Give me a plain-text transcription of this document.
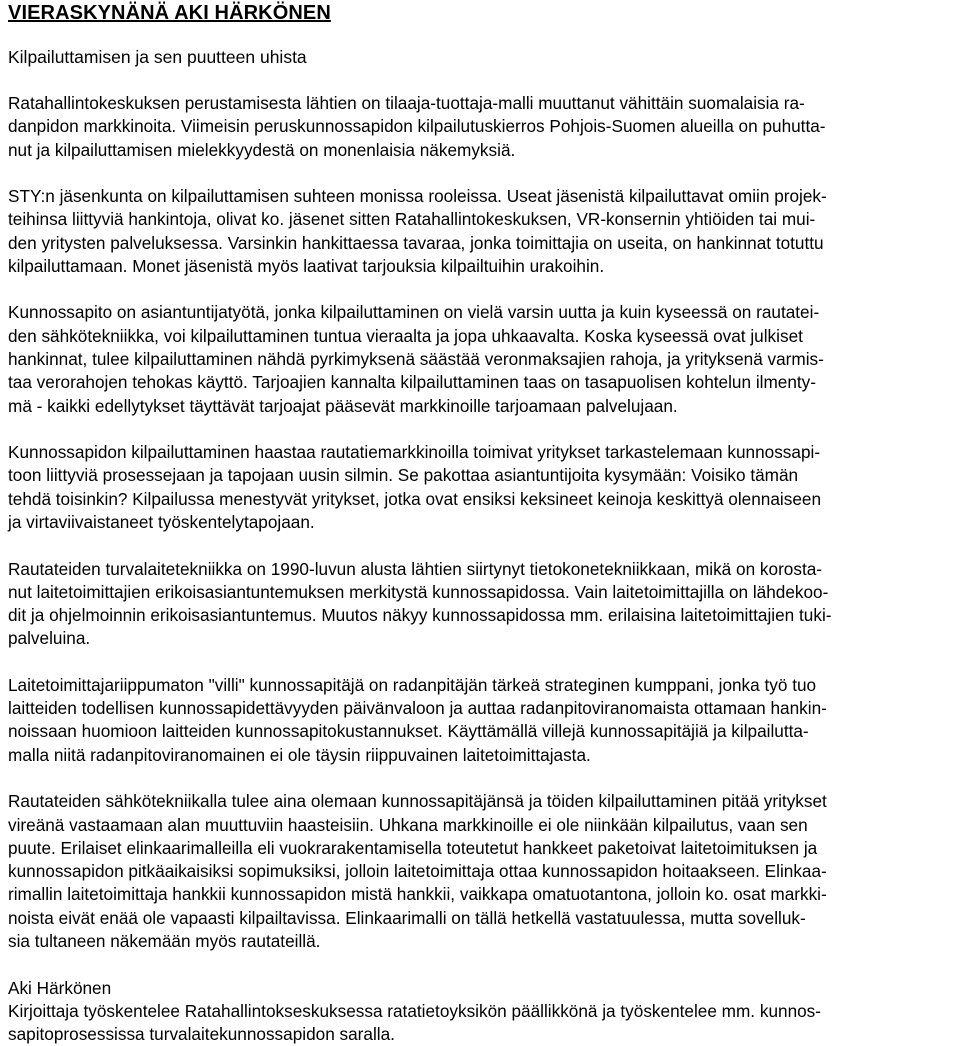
VIERASKYNÄNÄ AKI HÄRKÖNEN
Kilpailuttamisen ja sen puutteen uhista

Ratahallintokeskuksen perustamisesta lähtien on tilaaja-tuottaja-malli muuttanut vähittäin suomalaisia ra-
danpidon markkinoita. Viimeisin peruskunnossapidon kilpailutuskierros Pohjois-Suomen alueilla on puhutta-
nut ja kilpailuttamisen mielekkyydestä on monenlaisia näkemyksiä.

STY:n jäsenkunta on kilpailuttamisen suhteen monissa rooleissa. Useat jäsenistä kilpailuttavat omiin projek-
teihinsa liittyviä hankintoja, olivat ko. jäsenet sitten Ratahallintokeskuksen, VR-konsernin yhtiöiden tai mui-
den yritysten palveluksessa. Varsinkin hankittaessa tavaraa, jonka toimittajia on useita, on hankinnat totuttu
kilpailuttamaan. Monet jäsenistä myös laativat tarjouksia kilpailtuihin urakoihin.

Kunnossapito on asiantuntijatyötä, jonka kilpailuttaminen on vielä varsin uutta ja kuin kyseessä on rautatei-
den sähkötekniikka, voi kilpailuttaminen tuntua vieraalta ja jopa uhkaavalta. Koska kyseessä ovat julkiset
hankinnat, tulee kilpailuttaminen nähdä pyrkimyksenä säästää veronmaksajien rahoja, ja yrityksenä varmis-
taa verorahojen tehokas käyttö. Tarjoajien kannalta kilpailuttaminen taas on tasapuolisen kohtelun ilmenty-
mä - kaikki edellytykset täyttävät tarjoajat pääsevät markkinoille tarjoamaan palvelujaan.

Kunnossapidon kilpailuttaminen haastaa rautatiemarkkinoilla toimivat yritykset tarkastelemaan kunnossapi-
toon liittyviä prosessejaan ja tapojaan uusin silmin. Se pakottaa asiantuntijoita kysymään: Voisiko tämän
tehdä toisinkin? Kilpailussa menestyvät yritykset, jotka ovat ensiksi keksineet keinoja keskittyä olennaiseen
ja virtaviivaistaneet työskentelytapojaan.

Rautateiden turvalaitetekniikka on 1990-luvun alusta lähtien siirtynyt tietokonetekniikkaan, mikä on korosta-
nut laitetoimittajien erikoisasiantuntemuksen merkitystä kunnossapidossa. Vain laitetoimittajilla on lähdekoo-
dit ja ohjelmoinnin erikoisasiantuntemus. Muutos näkyy kunnossapidossa mm. erilaisina laitetoimittajien tuki-
palveluina.

Laitetoimittajariippumaton "villi" kunnossapitäjä on radanpitäjän tärkeä strateginen kumppani, jonka työ tuo
laitteiden todellisen kunnossapidettävyyden päivänvaloon ja auttaa radanpitoviranomaista ottamaan hankin-
noissaan huomioon laitteiden kunnossapitokustannukset. Käyttämällä villejä kunnossapitäjiä ja kilpailutta-
malla niitä radanpitoviranomainen ei ole täysin riippuvainen laitetoimittajasta.

Rautateiden sähkötekniikalla tulee aina olemaan kunnossapitäjänsä ja töiden kilpailuttaminen pitää yritykset
vireänä vastaamaan alan muuttuviin haasteisiin. Uhkana markkinoille ei ole niinkään kilpailutus, vaan sen
puute. Erilaiset elinkaarimalleilla eli vuokrarakentamisella toteutetut hankkeet paketoivat laitetoimituksen ja
kunnossapidon pitkäaikaisiksi sopimuksiksi, jolloin laitetoimittaja ottaa kunnossapidon hoitaakseen. Elinkaa-
rimallin laitetoimittaja hankkii kunnossapidon mistä hankkii, vaikkapa omatuotantona, jolloin ko. osat markki-
noista eivät enää ole vapaasti kilpailtavissa. Elinkaarimalli on tällä hetkellä vastatuulessa, mutta sovelluk-
sia tultaneen näkemään myös rautateillä.

Aki Härkönen
Kirjoittaja työskentelee Ratahallintokseskuksessa ratatietoyksikön päällikkönä ja työskentelee mm. kunnos-
sapitoprosessissa turvalaitekunnossapidon saralla.
